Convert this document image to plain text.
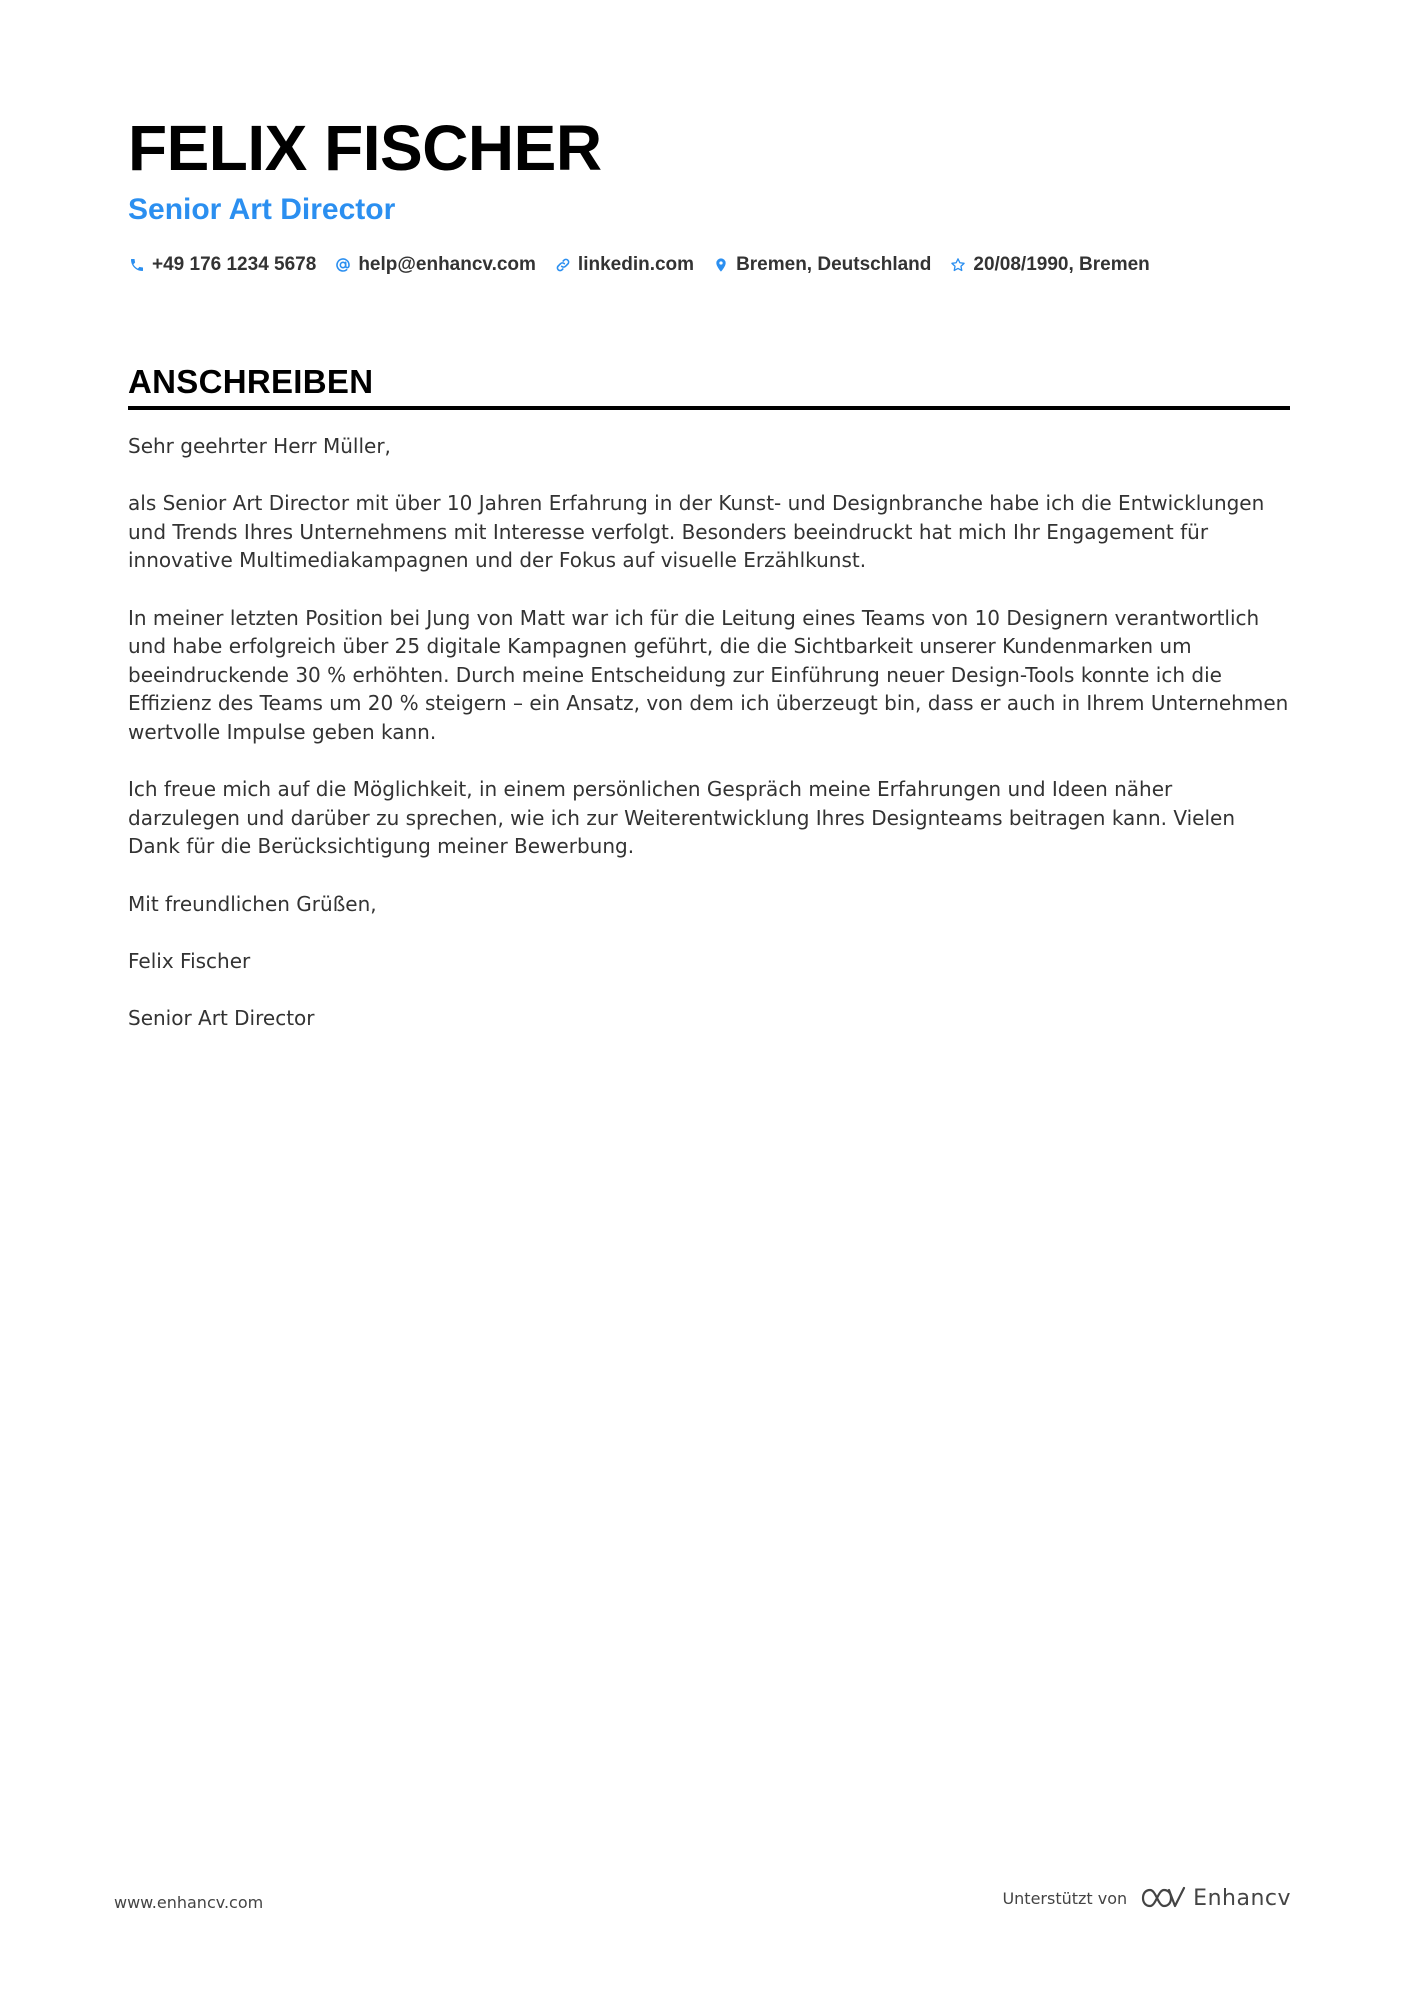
FELIX FISCHER
Senior Art Director
+49 176 1234 5678 help@enhancv.com linkedin.com Bremen, Deutschland 20/08/1990, Bremen
ANSCHREIBEN

Sehr geehrter Herr Müller,

als Senior Art Director mit über 10 Jahren Erfahrung in der Kunst- und Designbranche habe ich die Entwicklungen und Trends Ihres Unternehmens mit Interesse verfolgt. Besonders beeindruckt hat mich Ihr Engagement für innovative Multimediakampagnen und der Fokus auf visuelle Erzählkunst.

In meiner letzten Position bei Jung von Matt war ich für die Leitung eines Teams von 10 Designern verantwortlich und habe erfolgreich über 25 digitale Kampagnen geführt, die die Sichtbarkeit unserer Kundenmarken um beeindruckende 30 % erhöhten. Durch meine Entscheidung zur Einführung neuer Design-Tools konnte ich die Effizienz des Teams um 20 % steigern – ein Ansatz, von dem ich überzeugt bin, dass er auch in Ihrem Unternehmen wertvolle Impulse geben kann.

Ich freue mich auf die Möglichkeit, in einem persönlichen Gespräch meine Erfahrungen und Ideen näher darzulegen und darüber zu sprechen, wie ich zur Weiterentwicklung Ihres Designteams beitragen kann. Vielen Dank für die Berücksichtigung meiner Bewerbung.

Mit freundlichen Grüßen,

Felix Fischer

Senior Art Director

www.enhancv.com	Unterstützt von	Enhancv
